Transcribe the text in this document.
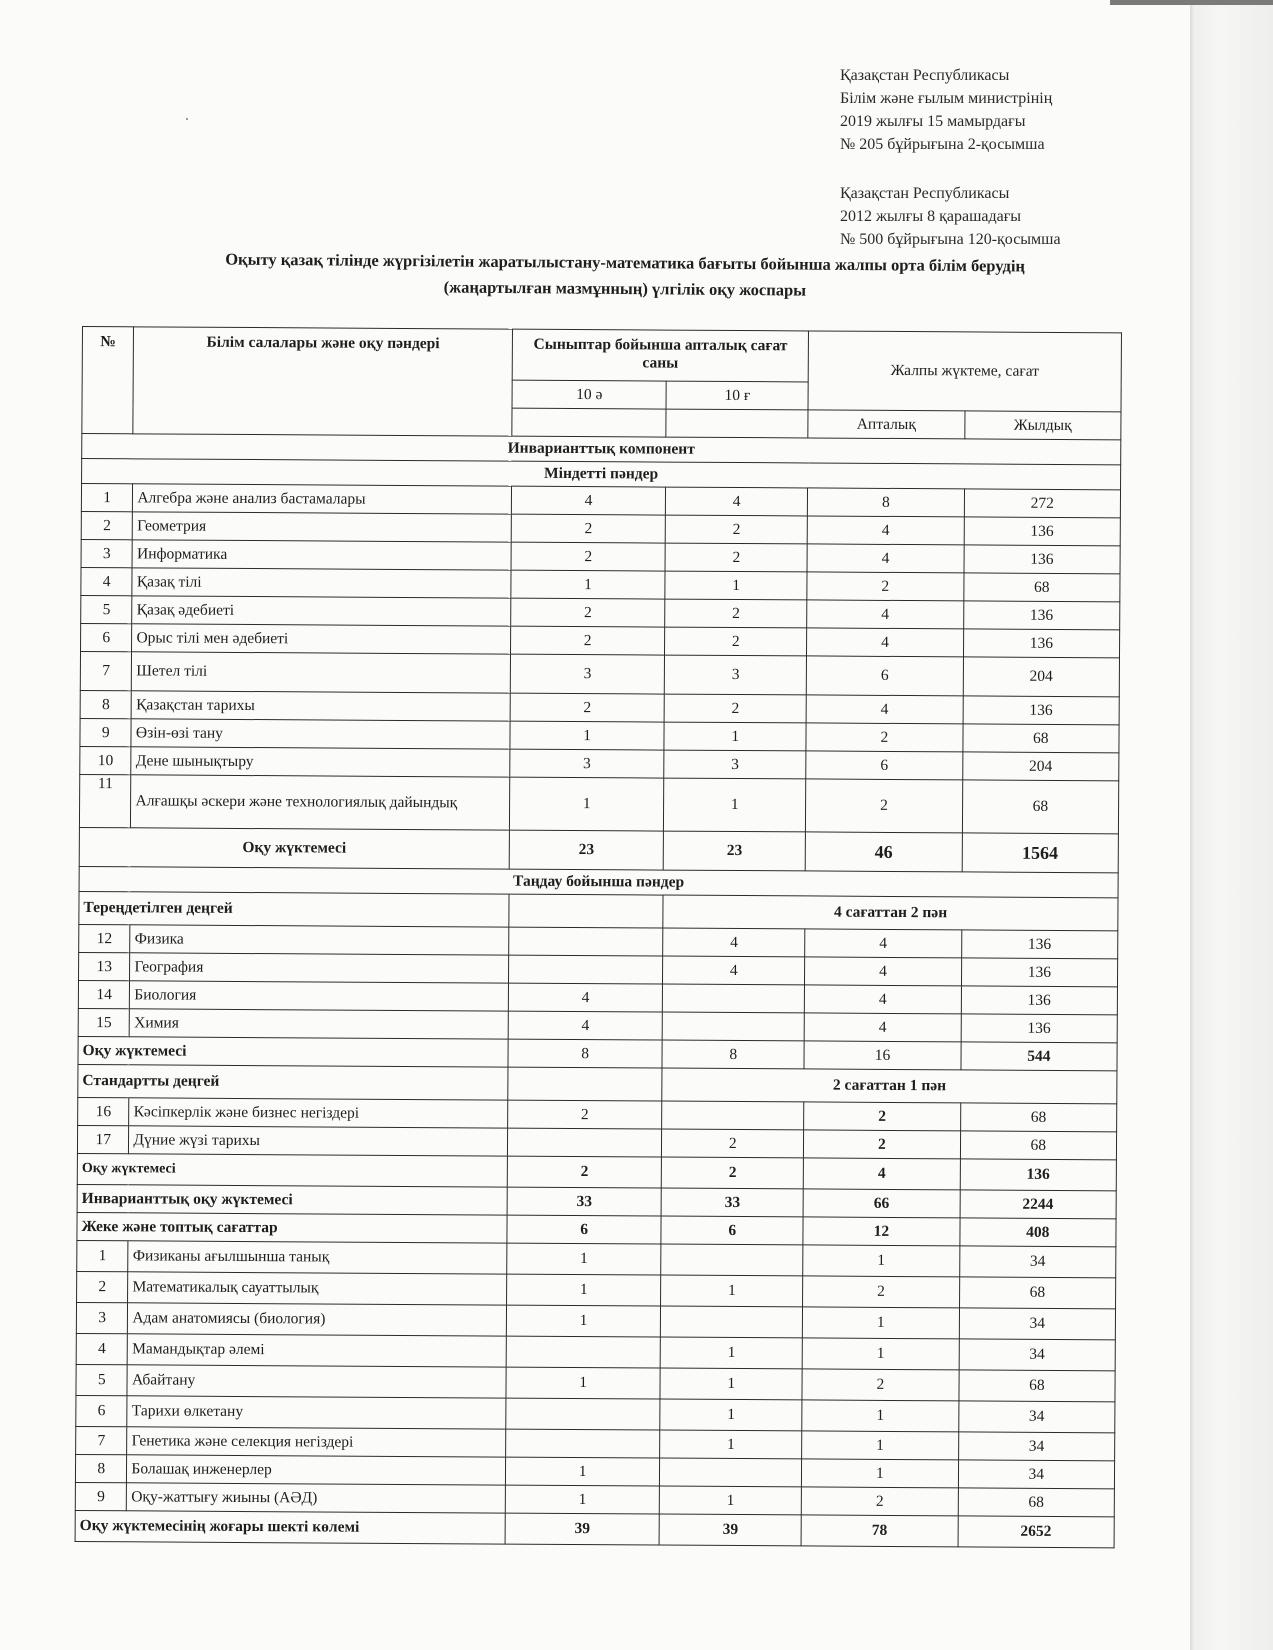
Қазақстан Республикасы
Білім және ғылым министрінің
2019 жылғы 15 мамырдағы
№ 205 бұйрығына 2-қосымша
Қазақстан Республикасы
2012 жылғы 8 қарашадағы
№ 500 бұйрығына 120-қосымша
Оқыту қазақ тілінде жүргізілетін жаратылыстану-математика бағыты бойынша жалпы орта білім берудің
(жаңартылған мазмұнның) үлгілік оқу жоспары
№	Білім салалары және оқу пәндері	Сыныптар бойынша апталық сағат саны		Жалпы жүктеме, сағат	
		10 ә	10 ғ		
				Апталық	Жылдық
Инварианттық компонент					
Міндетті пәндер					
1	Алгебра және анализ бастамалары	4	4	8	272
2	Геометрия	2	2	4	136
3	Информатика	2	2	4	136
4	Қазақ тілі	1	1	2	68
5	Қазақ әдебиеті	2	2	4	136
6	Орыс тілі мен әдебиеті	2	2	4	136
7	Шетел тілі	3	3	6	204
8	Қазақстан тарихы	2	2	4	136
9	Өзін-өзі тану	1	1	2	68
10	Дене шынықтыру	3	3	6	204
11	Алғашқы әскери және технологиялық дайындық	1	1	2	68
Оқу жүктемесі		23	23	46	1564
Таңдау бойынша пәндер					
Тереңдетілген деңгей			4 сағаттан 2 пән		
12	Физика		4	4	136
13	География		4	4	136
14	Биология	4		4	136
15	Химия	4		4	136
Оқу жүктемесі		8	8	16	544
Стандартты деңгей			2 сағаттан 1 пән		
16	Кәсіпкерлік және бизнес негіздері	2		2	68
17	Дүние жүзі тарихы		2	2	68
Оқу жүктемесі		2	2	4	136
Инварианттық оқу жүктемесі		33	33	66	2244
Жеке және топтық сағаттар		6	6	12	408
1	Физиканы ағылшынша танық	1		1	34
2	Математикалық сауаттылық	1	1	2	68
3	Адам анатомиясы (биология)	1		1	34
4	Мамандықтар әлемі		1	1	34
5	Абайтану	1	1	2	68
6	Тарихи өлкетану		1	1	34
7	Генетика және селекция негіздері		1	1	34
8	Болашақ инженерлер	1		1	34
9	Оқу-жаттығу жиыны (АӘД)	1	1	2	68
Оқу жүктемесінің жоғары шекті көлемі		39	39	78	2652
